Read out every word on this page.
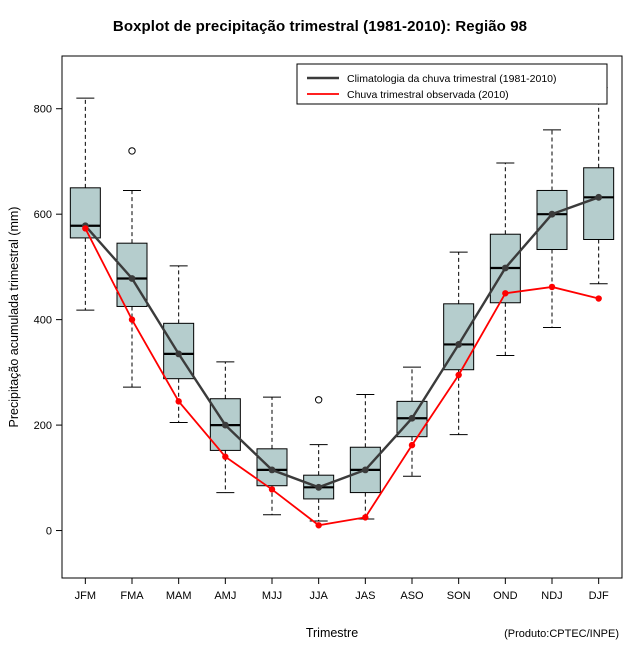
Boxplot de precipitação trimestral (1981-2010): Região 98
0
200
400
600
800
Precipitação acumulada trimestral (mm)
JFM FMA MAM AMJ MJJ JJA JAS ASO SON OND NDJ DJF
Trimestre
Climatologia da chuva trimestral (1981-2010)
Chuva trimestral observada (2010)
(Produto:CPTEC/INPE)
